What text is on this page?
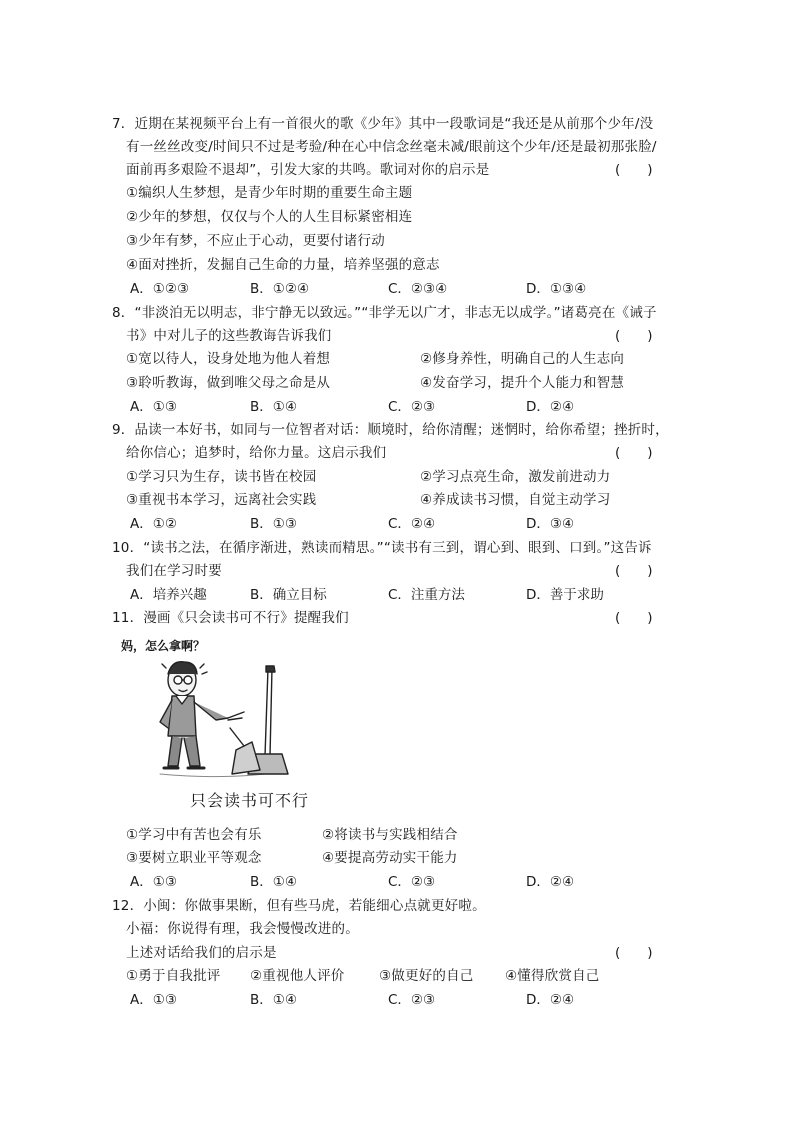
7．近期在某视频平台上有一首很火的歌《少年》其中一段歌词是“我还是从前那个少年/没
有一丝丝改变/时间只不过是考验/种在心中信念丝毫未减/眼前这个少年/还是最初那张脸/
面前再多艰险不退却”，引发大家的共鸣。歌词对你的启示是	(　　)
①编织人生梦想，是青少年时期的重要生命主题
②少年的梦想，仅仅与个人的人生目标紧密相连
③少年有梦，不应止于心动，更要付诸行动
④面对挫折，发掘自己生命的力量，培养坚强的意志
A．①②③	B．①②④	C．②③④	D．①③④
8．“非淡泊无以明志，非宁静无以致远。”“非学无以广才，非志无以成学。”诸葛亮在《诫子
书》中对儿子的这些教诲告诉我们	(　　)
①宽以待人，设身处地为他人着想	②修身养性，明确自己的人生志向
③聆听教诲，做到唯父母之命是从	④发奋学习，提升个人能力和智慧
A．①③	B．①④	C．②③	D．②④
9．品读一本好书，如同与一位智者对话：顺境时，给你清醒；迷惘时，给你希望；挫折时，
给你信心；追梦时，给你力量。这启示我们	(　　)
①学习只为生存，读书皆在校园	②学习点亮生命，激发前进动力
③重视书本学习，远离社会实践	④养成读书习惯，自觉主动学习
A．①②	B．①③	C．②④	D．③④
10．“读书之法，在循序渐进，熟读而精思。”“读书有三到，谓心到、眼到、口到。”这告诉
我们在学习时要	(　　)
A．培养兴趣	B．确立目标	C．注重方法	D．善于求助
11．漫画《只会读书可不行》提醒我们	(　　)
妈，怎么拿啊？
只会读书可不行
①学习中有苦也会有乐	②将读书与实践相结合
③要树立职业平等观念	④要提高劳动实干能力
A．①③	B．①④	C．②③	D．②④
12．小闽：你做事果断，但有些马虎，若能细心点就更好啦。
小福：你说得有理，我会慢慢改进的。
上述对话给我们的启示是	(　　)
①勇于自我批评 ②重视他人评价	③做更好的自己 ④懂得欣赏自己
A．①③	B．①④	C．②③	D．②④
